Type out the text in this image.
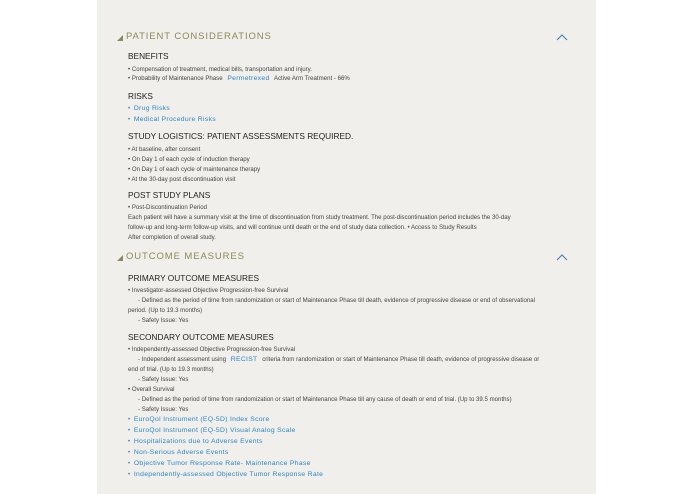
PATIENT CONSIDERATIONS

BENEFITS

• Compensation of treatment, medical bills, transportation and injury.
• Probability of Maintenance Phase Permetrexed Active Arm Treatment - 66%

RISKS

• Drug Risks
• Medical Procedure Risks

STUDY LOGISTICS: PATIENT ASSESSMENTS REQUIRED.

• At baseline, after consent
• On Day 1 of each cycle of induction therapy
• On Day 1 of each cycle of maintenance therapy
• At the 30-day post discontinuation visit

POST STUDY PLANS

• Post-Discontinuation Period
Each patient will have a summary visit at the time of discontinuation from study treatment. The post-discontinuation period includes the 30-day
follow-up and long-term follow-up visits, and will continue until death or the end of study data collection. • Access to Study Results
After completion of overall study.
OUTCOME MEASURES

PRIMARY OUTCOME MEASURES

• Investigator-assessed Objective Progression-free Survival
- Defined as the period of time from randomization or start of Maintenance Phase till death, evidence of progressive disease or end of observational
period. (Up to 19.3 months)
- Safety Issue: Yes

SECONDARY OUTCOME MEASURES

• Independently-assessed Objective Progression-free Survival
- Independent assessment using RECIST criteria from randomization or start of Maintenance Phase till death, evidence of progressive disease or
end of trial. (Up to 19.3 months)
- Safety Issue: Yes
• Overall Survival
- Defined as the period of time from randomization or start of Maintenance Phase till any cause of death or end of trial. (Up to 39.5 months)
- Safety Issue: Yes
• EuroQol Instrument (EQ-5D) Index Score
• EuroQol Instrument (EQ-5D) Visual Analog Scale
• Hospitalizations due to Adverse Events
• Non-Serious Adverse Events
• Objective Tumor Response Rate- Maintenance Phase
• Independently-assessed Objective Tumor Response Rate
